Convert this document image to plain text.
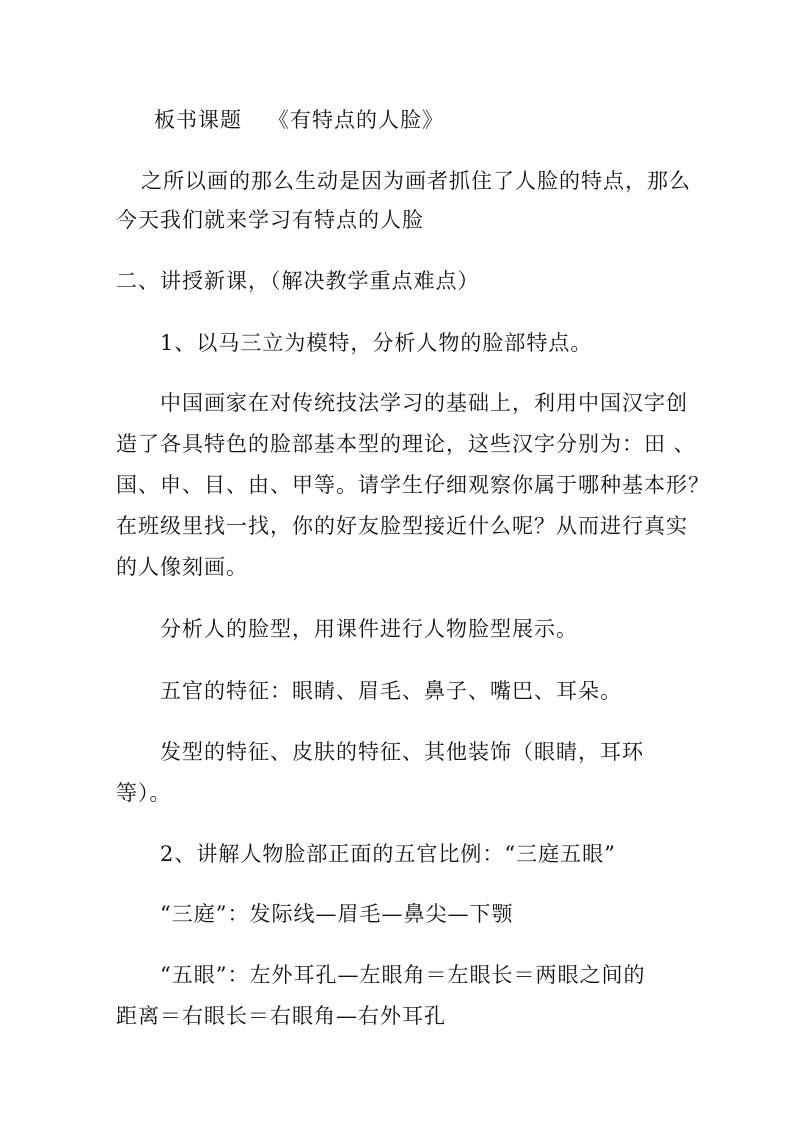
板书课题 《有特点的人脸》
之所以画的那么生动是因为画者抓住了人脸的特点，那么
今天我们就来学习有特点的人脸
二、讲授新课，（解决教学重点难点）
1、以马三立为模特，分析人物的脸部特点。
中国画家在对传统技法学习的基础上，利用中国汉字创
造了各具特色的脸部基本型的理论，这些汉字分别为：田 、
国、申、目、由、甲等。请学生仔细观察你属于哪种基本形？
在班级里找一找，你的好友脸型接近什么呢？从而进行真实
的人像刻画。
分析人的脸型，用课件进行人物脸型展示。
五官的特征：眼睛、眉毛、鼻子、嘴巴、耳朵。
发型的特征、皮肤的特征、其他装饰（眼睛，耳环
等）。
2、讲解人物脸部正面的五官比例：“三庭五眼”
“三庭”：发际线—眉毛—鼻尖—下颚
“五眼”：左外耳孔—左眼角＝左眼长＝两眼之间的
距离＝右眼长＝右眼角—右外耳孔
